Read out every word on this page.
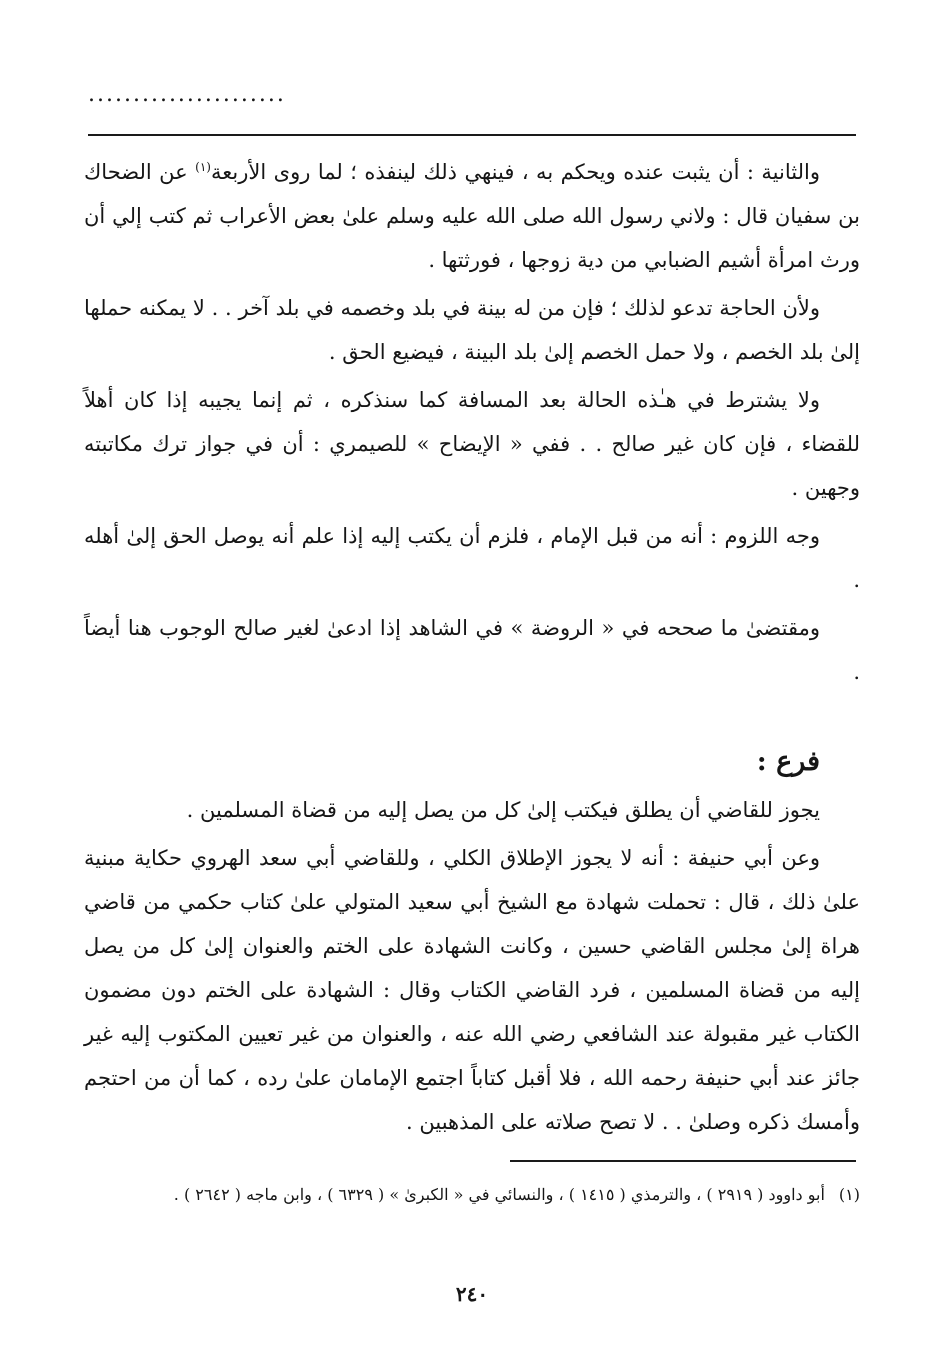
......................

والثانية : أن يثبت عنده ويحكم به ، فينهي ذلك لينفذه ؛ لما روى الأربعة$^{(١)}$ عن الضحاك بن سفيان قال : ولاني رسول الله صلى الله عليه وسلم علىٰ بعض الأعراب ثم كتب إلي أن ورث امرأة أشيم الضبابي من دية زوجها ، فورثتها .

ولأن الحاجة تدعو لذلك ؛ فإن من له بينة في بلد وخصمه في بلد آخر . . لا يمكنه حملها إلىٰ بلد الخصم ، ولا حمل الخصم إلىٰ بلد البينة ، فيضيع الحق .

ولا يشترط في هـٰذه الحالة بعد المسافة كما سنذكره ، ثم إنما يجيبه إذا كان أهلاً للقضاء ، فإن كان غير صالح . . ففي « الإيضاح » للصيمري : أن في جواز ترك مكاتبته وجهين .

وجه اللزوم : أنه من قبل الإمام ، فلزم أن يكتب إليه إذا علم أنه يوصل الحق إلىٰ أهله .

ومقتضىٰ ما صححه في « الروضة » في الشاهد إذا ادعىٰ لغير صالح الوجوب هنا أيضاً .

فرع :

يجوز للقاضي أن يطلق فيكتب إلىٰ كل من يصل إليه من قضاة المسلمين .

وعن أبي حنيفة : أنه لا يجوز الإطلاق الكلي ، وللقاضي أبي سعد الهروي حكاية مبنية علىٰ ذلك ، قال : تحملت شهادة مع الشيخ أبي سعيد المتولي علىٰ كتاب حكمي من قاضي هراة إلىٰ مجلس القاضي حسين ، وكانت الشهادة على الختم والعنوان إلىٰ كل من يصل إليه من قضاة المسلمين ، فرد القاضي الكتاب وقال : الشهادة على الختم دون مضمون الكتاب غير مقبولة عند الشافعي رضي الله عنه ، والعنوان من غير تعيين المكتوب إليه غير جائز عند أبي حنيفة رحمه الله ، فلا أقبل كتاباً اجتمع الإمامان علىٰ رده ، كما أن من احتجم وأمسك ذكره وصلىٰ . . لا تصح صلاته على المذهبين .

(١)أبو داوود ( ٢٩١٩ ) ، والترمذي ( ١٤١٥ ) ، والنسائي في « الكبرىٰ » ( ٦٣٢٩ ) ، وابن ماجه ( ٢٦٤٢ ) .
٢٤٠
